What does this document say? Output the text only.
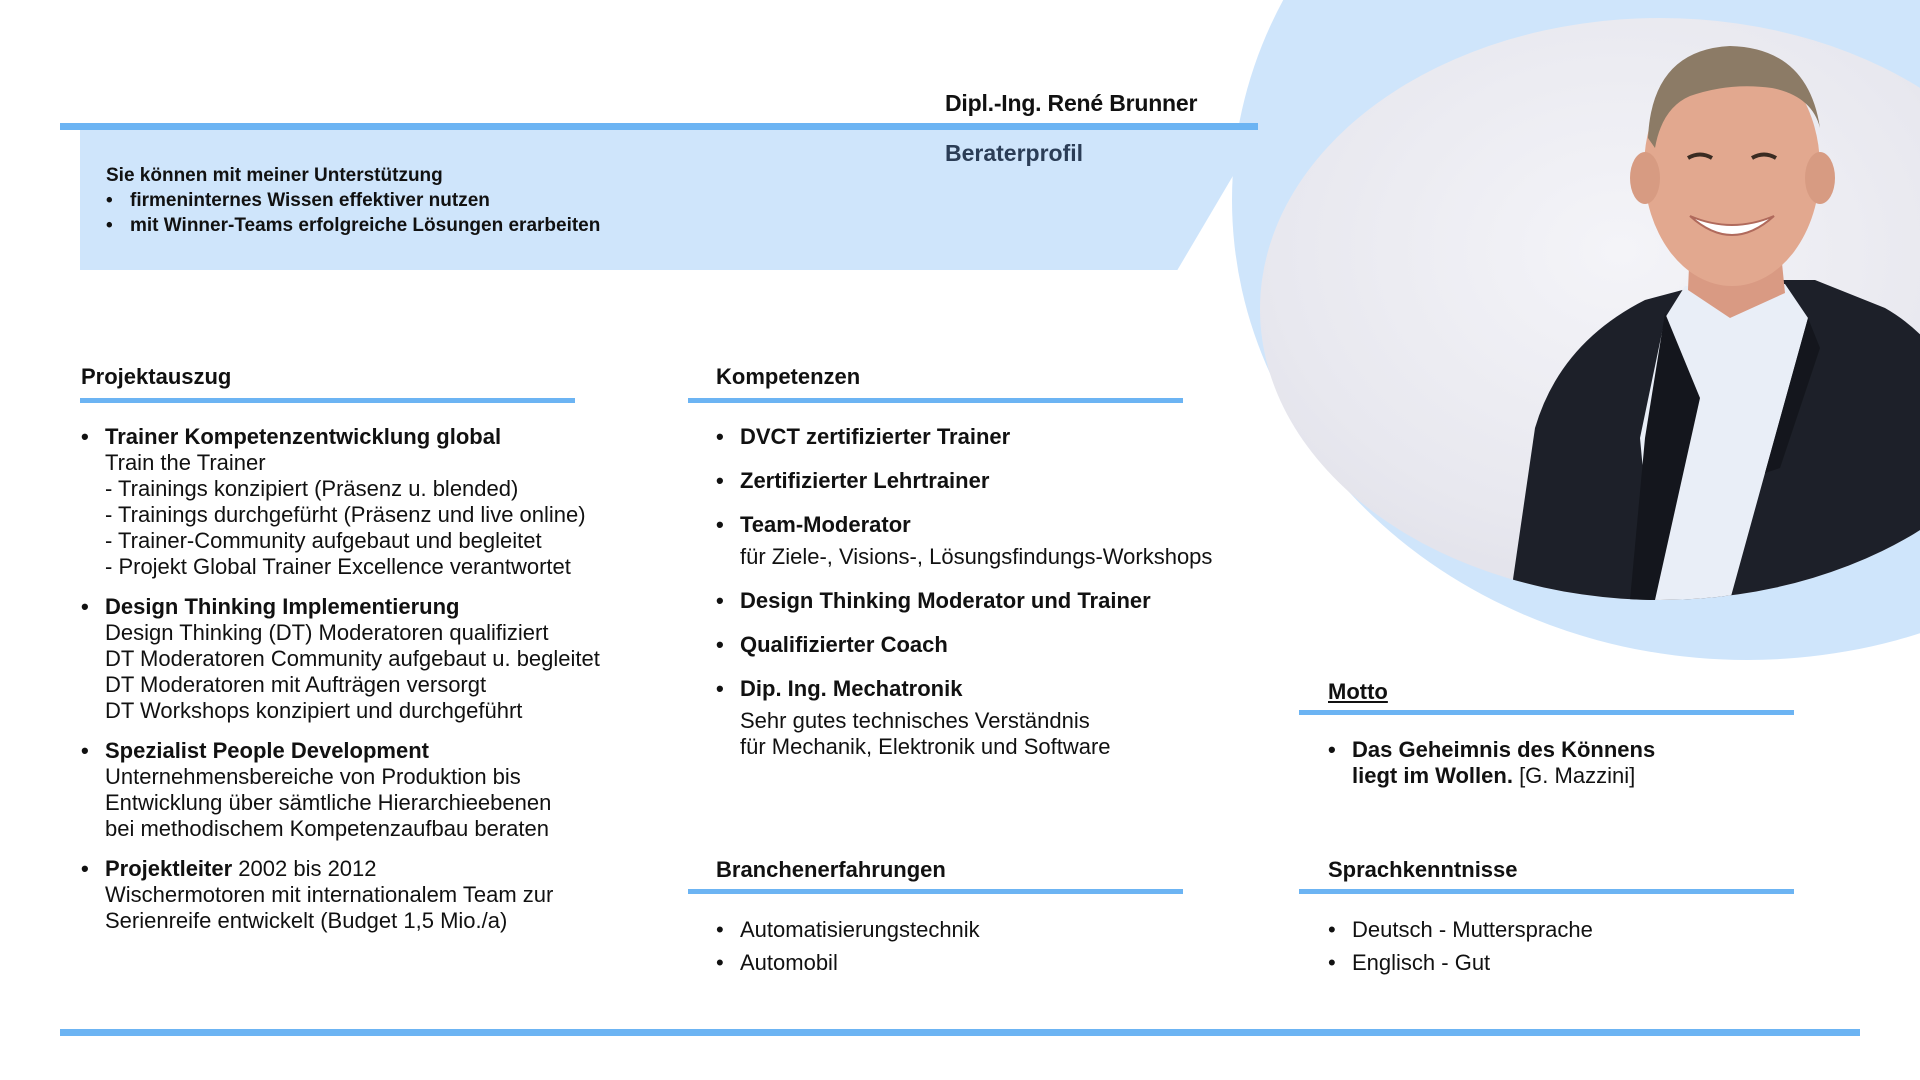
Dipl.-Ing. René Brunner
Beraterprofil

Sie können mit meiner Unterstützung

• firmeninternes Wissen effektiver nutzen
• mit Winner-Teams erfolgreiche Lösungen erarbeiten
Projektauszug
• Trainer Kompetenzentwicklung global
Train the Trainer
- Trainings konzipiert (Präsenz u. blended)
- Trainings durchgefürht (Präsenz und live online)
- Trainer-Community aufgebaut und begleitet
- Projekt Global Trainer Excellence verantwortet
• Design Thinking Implementierung
Design Thinking (DT) Moderatoren qualifiziert
DT Moderatoren Community aufgebaut u. begleitet
DT Moderatoren mit Aufträgen versorgt
DT Workshops konzipiert und durchgeführt
• Spezialist People Development
Unternehmensbereiche von Produktion bis
Entwicklung über sämtliche Hierarchieebenen
bei methodischem Kompetenzaufbau beraten
• Projektleiter 2002 bis 2012
Wischermotoren mit internationalem Team zur
Serienreife entwickelt (Budget 1,5 Mio./a)
Kompetenzen
• DVCT zertifizierter Trainer
• Zertifizierter Lehrtrainer
• Team-Moderator
für Ziele-, Visions-, Lösungsfindungs-Workshops
• Design Thinking Moderator und Trainer
• Qualifizierter Coach
• Dip. Ing. Mechatronik
Sehr gutes technisches Verständnis
für Mechanik, Elektronik und Software
Branchenerfahrungen
• Automatisierungstechnik
• Automobil
Motto
• Das Geheimnis des Könnens
liegt im Wollen. [G. Mazzini]
Sprachkenntnisse
• Deutsch - Muttersprache
• Englisch - Gut
